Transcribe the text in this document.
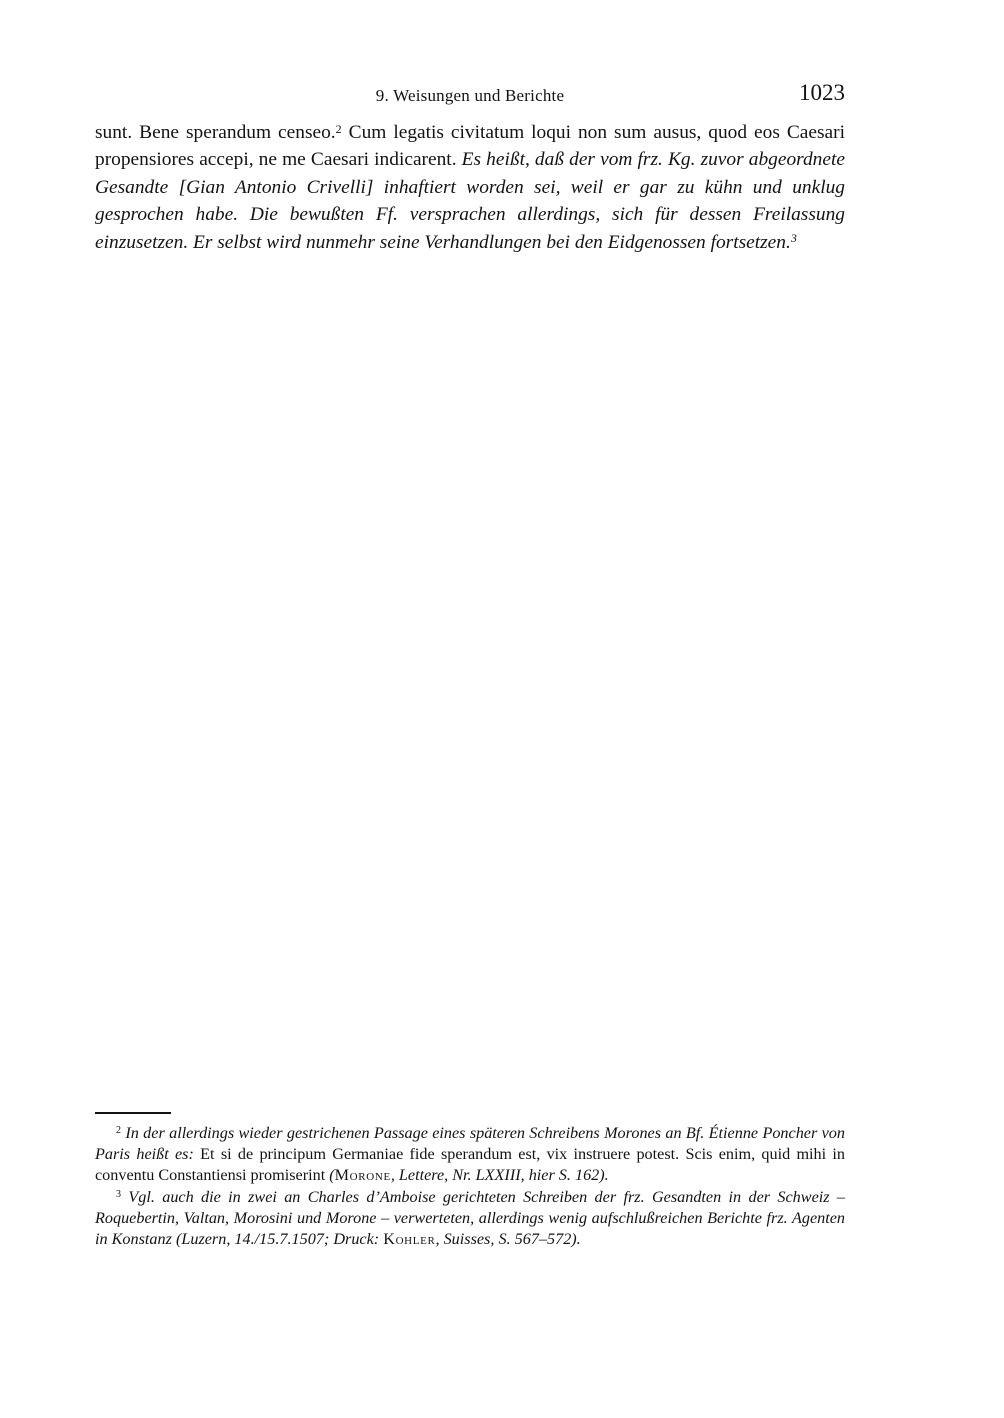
9. Weisungen und Berichte	1023

sunt. Bene sperandum censeo.$^2$ Cum legatis civitatum loqui non sum ausus, quod eos Caesari propensiores accepi, ne me Caesari indicarent. Es heißt, daß der vom frz. Kg. zuvor abgeordnete Gesandte [Gian Antonio Crivelli] inhaftiert worden sei, weil er gar zu kühn und unklug gesprochen habe. Die bewußten Ff. versprachen allerdings, sich für dessen Freilassung einzusetzen. Er selbst wird nunmehr seine Verhandlungen bei den Eidgenossen fortsetzen.$^3$

$^2$ In der allerdings wieder gestrichenen Passage eines späteren Schreibens Morones an Bf. Étienne Poncher von Paris heißt es: Et si de principum Germaniae fide sperandum est, vix instruere potest. Scis enim, quid mihi in conventu Constantiensi promiserint (Morone, Lettere, Nr. LXXIII, hier S. 162).

$^3$ Vgl. auch die in zwei an Charles d’Amboise gerichteten Schreiben der frz. Gesandten in der Schweiz – Roquebertin, Valtan, Morosini und Morone – verwerteten, allerdings wenig aufschlußreichen Berichte frz. Agenten in Konstanz (Luzern, 14./15.7.1507; Druck: Kohler, Suisses, S. 567–572).
